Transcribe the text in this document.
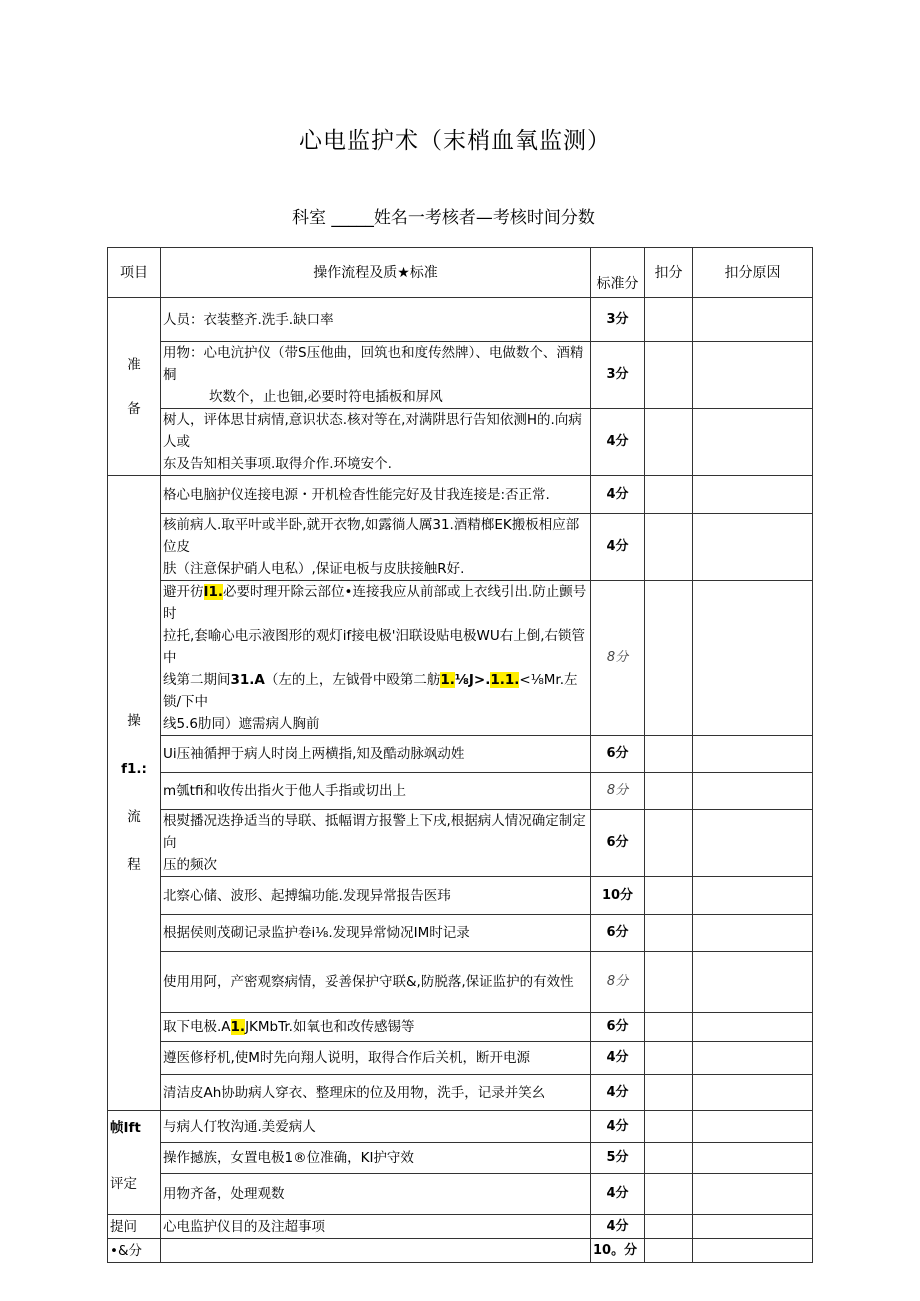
心电监护术（末梢血氧监测）
科室 _____姓名一考核者—考核时间分数
项目	操作流程及质★标准	标准分	扣分	扣分原因

准
备	人员：衣装整齐.洗手.缺口率	3分		
	用物：心电沆护仪（带S压他曲，回筑也和度传然牌）、电做数个、酒精桐
坎数个，止也钿,必要时符电插板和屏风	3分		
	树人，评体思甘病情,意识状态.核对等在,对满阱思行告知依测H的.向病人或
东及告知相关事项.取得介作.环境安个.	4分		

操
f1.:
流
程	格心电脑护仪连接电源・开机检杳性能完好及甘我连接是:否正常.	4分		
	核前病人.取平叶或半卧,就开衣物,如露徜人厲31.酒精榔EK搬板相应部位皮
肤（注意保护硝人电私）,保证电板与皮肤接触R好.	4分		
	避开彷I1.必要时理开除云部位•连接我应从前部或上衣线引出.防止颤号时
拉托,套喻心电示液图形的观灯if接电极'汨联设贴电极WU右上倒,右锁管中
线第二期间31.A（左的上，左钺骨中殴第二舫1.⅛J>.1.1.<⅛Mr.左锁/下中
线5.6肋同）遮需病人胸前	8分		
	Ui压袖循押于病人时岗上两横指,知及酷动脉飒动姓	6分		
	m瓠tfi和收传出指火于他人手指或切出上	8分		
	根熨播况迭挣适当的导联、抵幅谓方报警上下戌,根据病人情况确定制定向
压的频次	6分		
	北察心储、波形、起搏编功能.发现异常报告医玮	10分		
	根据侯则茂砌记录监护卷i⅛.发现异常恸况IM时记录	6分		
	使用用阿，产密观察病情，妥善保护守联&,防脱落,保证监护的有效性	8分		
	取下电极.A1.JKMbTr.如氧也和改传感锡等	6分		
	遵医修杼机,使M时先向翔人说明，取得合作后关机，断开电源	4分		
	清洁皮Ah协助病人穿衣、整理床的位及用物，洗手，记录并笑幺	4分		

帧Ift
评定	与病人仃牧沟通.美爱病人	4分		
	操作撼族，女置电极1®位准确，KI护守效	5分		
	用物齐备，处理观数	4分		
提问	心电监护仪目的及注超事项	4分		
•&分		10。分		
